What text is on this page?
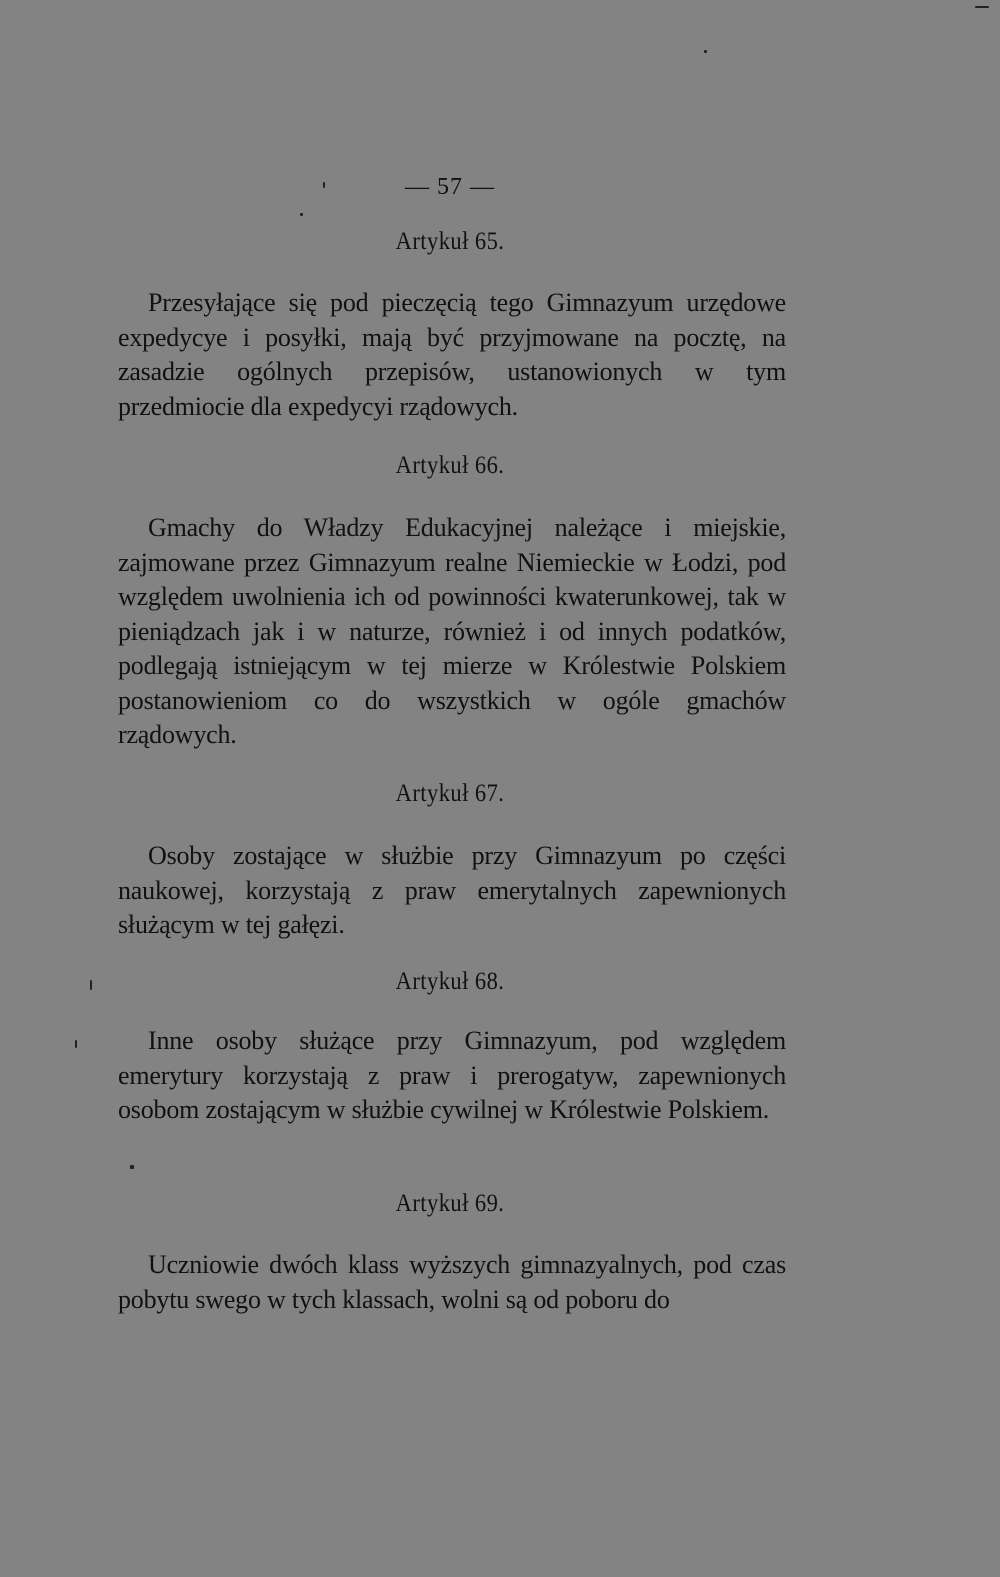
— 57 —
Artykuł 65.
Przesyłające się pod pieczęcią tego Gimnazyum urzędowe expedycye i posyłki, mają być przyjmowane na pocztę, na zasadzie ogólnych przepisów, ustanowionych w tym przedmiocie dla expedycyi rządowych.
Artykuł 66.
Gmachy do Władzy Edukacyjnej należące i miejskie, zajmowane przez Gimnazyum realne Niemieckie w Łodzi, pod względem uwolnienia ich od powinności kwaterunkowej, tak w pieniądzach jak i w naturze, również i od innych podatków, podlegają istniejącym w tej mierze w Królestwie Polskiem postanowieniom co do wszystkich w ogóle gmachów rządowych.
Artykuł 67.
Osoby zostające w służbie przy Gimnazyum po części naukowej, korzystają z praw emerytalnych zapewnionych służącym w tej gałęzi.
Artykuł 68.
Inne osoby służące przy Gimnazyum, pod względem emerytury korzystają z praw i prerogatyw, zapewnionych osobom zostającym w służbie cywilnej w Królestwie Polskiem.
Artykuł 69.
Uczniowie dwóch klass wyższych gimnazyalnych, pod czas pobytu swego w tych klassach, wolni są od poboru do
